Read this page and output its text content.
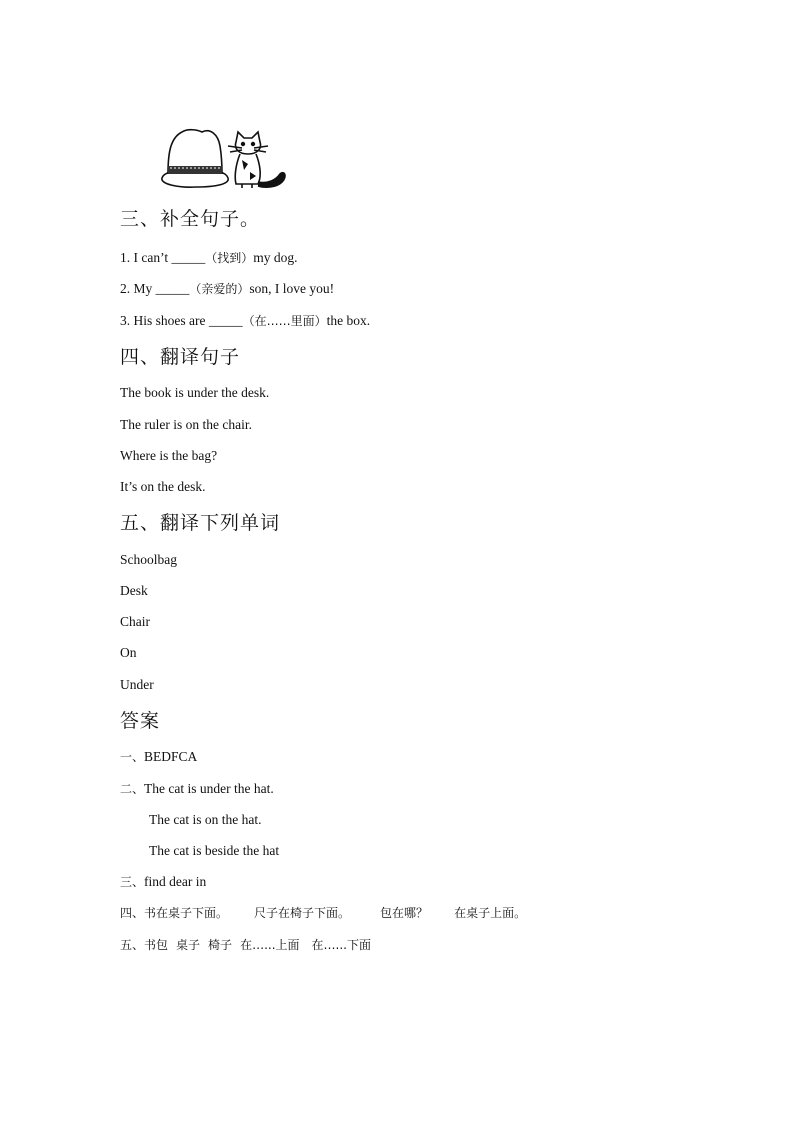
三、补全句子。
1. I can’t _____（找到）my dog.
2. My _____（亲爱的）son, I love you!
3. His shoes are _____（在……里面）the box.
四、翻译句子
The book is under the desk.
The ruler is on the chair.
Where is the bag?
It’s on the desk.
五、翻译下列单词
Schoolbag
Desk
Chair
On
Under
答案
一、BEDFCA
二、The cat is under the hat.
The cat is on the hat.
The cat is beside the hat
三、find dear in
四、书在桌子下面。 尺子在椅子下面。	包在哪？ 在桌子上面。
五、书包 桌子 椅子 在…...上面 在…...下面
